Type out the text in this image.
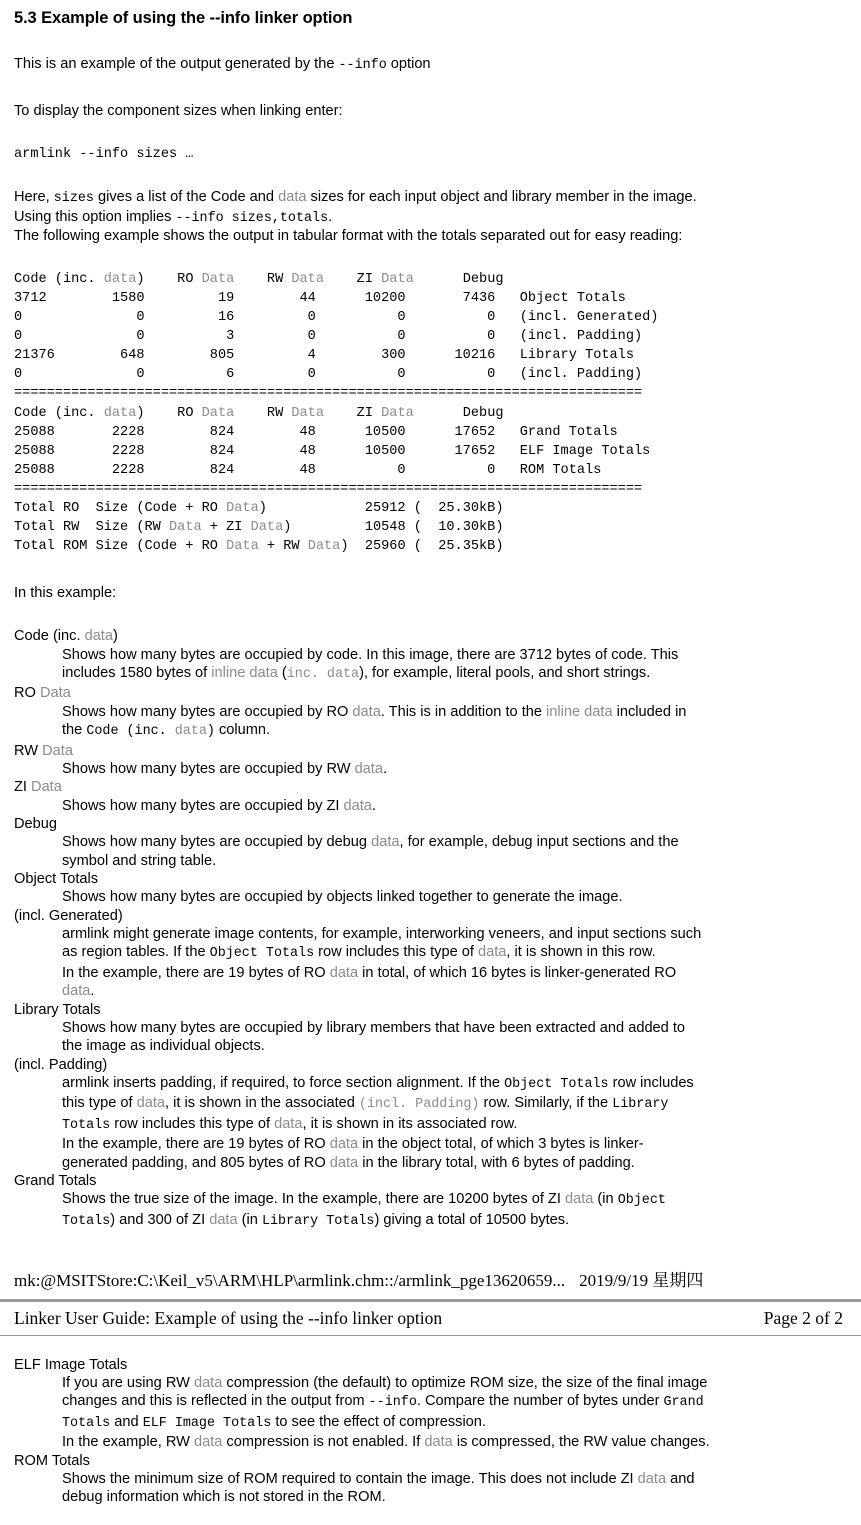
5.3 Example of using the --info linker option

This is an example of the output generated by the --info option

To display the component sizes when linking enter:

armlink --info sizes …

Here, sizes gives a list of the Code and data sizes for each input object and library member in the image.

Using this option implies --info sizes,totals.

The following example shows the output in tabular format with the totals separated out for easy reading:

Code (inc. data)    RO Data    RW Data    ZI Data      Debug
3712        1580         19        44      10200       7436   Object Totals
0              0         16         0          0          0   (incl. Generated)
0              0          3         0          0          0   (incl. Padding)
21376        648        805         4        300      10216   Library Totals
0              0          6         0          0          0   (incl. Padding)
=============================================================================
Code (inc. data)    RO Data    RW Data    ZI Data      Debug
25088       2228        824        48      10500      17652   Grand Totals
25088       2228        824        48      10500      17652   ELF Image Totals
25088       2228        824        48          0          0   ROM Totals
=============================================================================
Total RO  Size (Code + RO Data)            25912 (  25.30kB)
Total RW  Size (RW Data + ZI Data)         10548 (  10.30kB)
Total ROM Size (Code + RO Data + RW Data)  25960 (  25.35kB)

In this example:

Code (inc. data)
Shows how many bytes are occupied by code. In this image, there are 3712 bytes of code. This
includes 1580 bytes of inline data (inc. data), for example, literal pools, and short strings.
RO Data
Shows how many bytes are occupied by RO data. This is in addition to the inline data included in
the Code (inc. data) column.
RW Data
Shows how many bytes are occupied by RW data.
ZI Data
Shows how many bytes are occupied by ZI data.
Debug
Shows how many bytes are occupied by debug data, for example, debug input sections and the
symbol and string table.
Object Totals
Shows how many bytes are occupied by objects linked together to generate the image.
(incl. Generated)
armlink might generate image contents, for example, interworking veneers, and input sections such
as region tables. If the Object Totals row includes this type of data, it is shown in this row.
In the example, there are 19 bytes of RO data in total, of which 16 bytes is linker-generated RO
data.
Library Totals
Shows how many bytes are occupied by library members that have been extracted and added to
the image as individual objects.
(incl. Padding)
armlink inserts padding, if required, to force section alignment. If the Object Totals row includes
this type of data, it is shown in the associated (incl. Padding) row. Similarly, if the Library
Totals row includes this type of data, it is shown in its associated row.
In the example, there are 19 bytes of RO data in the object total, of which 3 bytes is linker-
generated padding, and 805 bytes of RO data in the library total, with 6 bytes of padding.
Grand Totals
Shows the true size of the image. In the example, there are 10200 bytes of ZI data (in Object
Totals) and 300 of ZI data (in Library Totals) giving a total of 10500 bytes.
mk:@MSITStore:C:\Keil_v5\ARM\HLP\armlink.chm::/armlink_pge13620659... 2019/9/19 星期四
Linker User Guide: Example of using the --info linker option	Page 2 of 2
ELF Image Totals
If you are using RW data compression (the default) to optimize ROM size, the size of the final image
changes and this is reflected in the output from --info. Compare the number of bytes under Grand
Totals and ELF Image Totals to see the effect of compression.
In the example, RW data compression is not enabled. If data is compressed, the RW value changes.
ROM Totals
Shows the minimum size of ROM required to contain the image. This does not include ZI data and
debug information which is not stored in the ROM.
